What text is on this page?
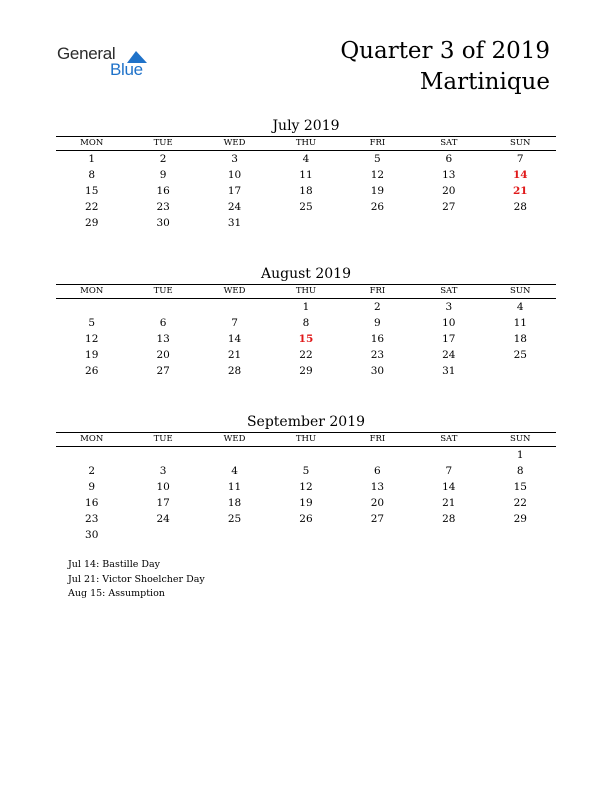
General
Blue
Quarter 3 of 2019
Martinique
July 2019
MON	TUE	WED	THU	FRI	SAT	SUN
1	2	3	4	5	6	7
8	9	10	11	12	13	14
15	16	17	18	19	20	21
22	23	24	25	26	27	28
29	30	31				
August 2019
MON	TUE	WED	THU	FRI	SAT	SUN
			1	2	3	4
5	6	7	8	9	10	11
12	13	14	15	16	17	18
19	20	21	22	23	24	25
26	27	28	29	30	31	
September 2019
MON	TUE	WED	THU	FRI	SAT	SUN
						1
2	3	4	5	6	7	8
9	10	11	12	13	14	15
16	17	18	19	20	21	22
23	24	25	26	27	28	29
30						
Jul 14: Bastille Day
Jul 21: Victor Shoelcher Day
Aug 15: Assumption
